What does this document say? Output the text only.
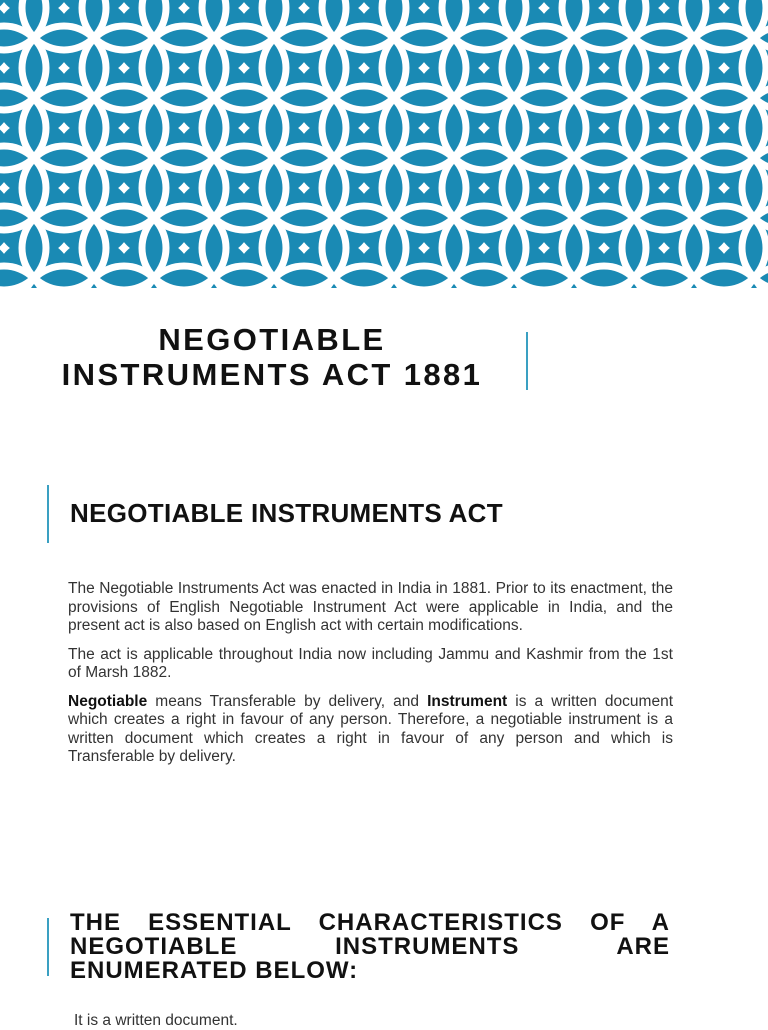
NEGOTIABLE
INSTRUMENTS ACT 1881
NEGOTIABLE INSTRUMENTS ACT

The Negotiable Instruments Act was enacted in India in 1881. Prior to its enactment, the provisions of English Negotiable Instrument Act were applicable in India, and the present act is also based on English act with certain modifications.

The act is applicable throughout India now including Jammu and Kashmir from the 1st of Marsh 1882.

Negotiable means Transferable by delivery, and Instrument is a written document which creates a right in favour of any person. Therefore, a negotiable instrument is a written document which creates a right in favour of any person and which is Transferable by delivery.

THE ESSENTIAL CHARACTERISTICS OF A NEGOTIABLE INSTRUMENTS ARE ENUMERATED BELOW:
It is a written document.
